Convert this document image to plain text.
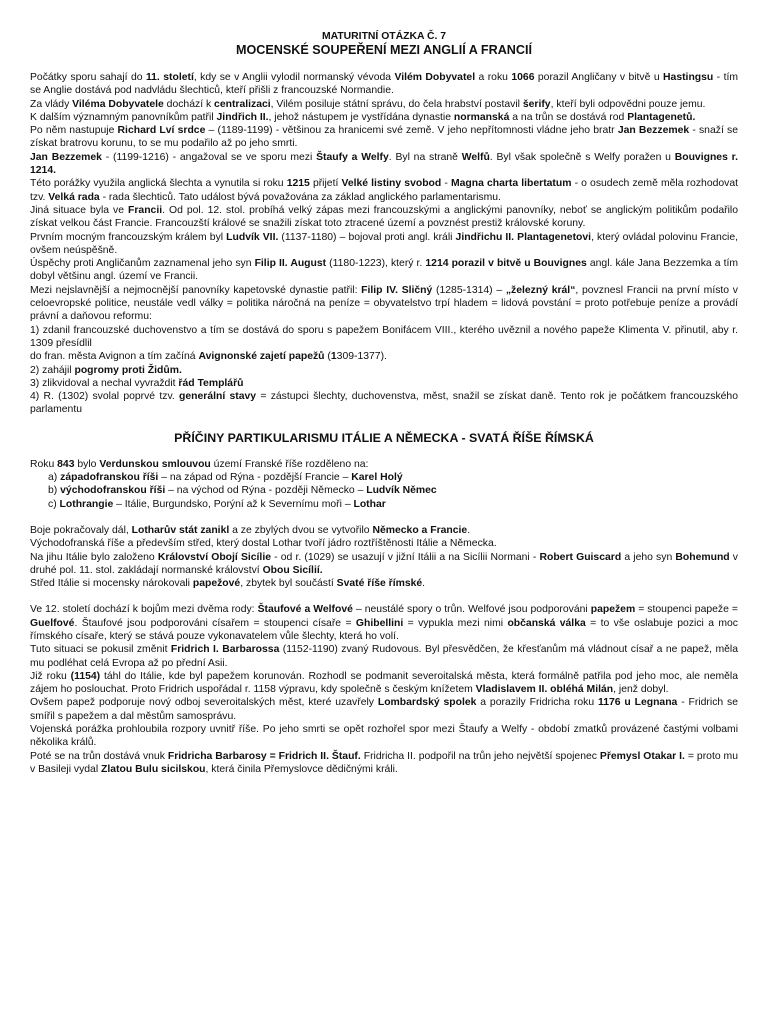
MATURITNÍ OTÁZKA Č. 7
MOCENSKÉ SOUPEŘENÍ MEZI ANGLIÍ A FRANCIÍ

Počátky sporu sahají do 11. století, kdy se v Anglii vylodil normanský vévoda Vilém Dobyvatel a roku 1066 porazil Angličany v bitvě u Hastingsu - tím se Anglie dostává pod nadvládu šlechticů, kteří přišli z francouzské Normandie.

Za vlády Viléma Dobyvatele dochází k centralizaci, Vilém posiluje státní správu, do čela hrabství postavil šerify, kteří byli odpovědni pouze jemu.

K dalším významným panovníkům patřil Jindřich II., jehož nástupem je vystřídána dynastie normanská a na trůn se dostává rod Plantagenetů.

Po něm nastupuje Richard Lví srdce – (1189-1199) - většinou za hranicemi své země. V jeho nepřítomnosti vládne jeho bratr Jan Bezzemek - snaží se získat bratrovu korunu, to se mu podařilo až po jeho smrti.

Jan Bezzemek - (1199-1216) - angažoval se ve sporu mezi Štaufy a Welfy. Byl na straně Welfů. Byl však společně s Welfy poražen u Bouvignes r. 1214.

Této porážky využila anglická šlechta a vynutila si roku 1215 přijetí Velké listiny svobod - Magna charta libertatum - o osudech země měla rozhodovat tzv. Velká rada - rada šlechticů. Tato událost bývá považována za základ anglického parlamentarismu.

Jiná situace byla ve Francii. Od pol. 12. stol. probíhá velký zápas mezi francouzskými a anglickými panovníky, neboť se anglickým politikům podařilo získat velkou část Francie. Francouzští králové se snažili získat toto ztracené území a povznést prestiž královské koruny.

Prvním mocným francouzským králem byl Ludvík VII. (1137-1180) – bojoval proti angl. králi Jindřichu II. Plantagenetovi, který ovládal polovinu Francie, ovšem neúspěšně.

Úspěchy proti Angličanům zaznamenal jeho syn Filip II. August (1180-1223), který r. 1214 porazil v bitvě u Bouvignes angl. kále Jana Bezzemka a tím dobyl většinu angl. území ve Francii.

Mezi nejslavnější a nejmocnější panovníky kapetovské dynastie patřil: Filip IV. Sličný (1285-1314) – „železný král“, povznesl Francii na první místo v celoevropské politice, neustále vedl války = politika náročná na peníze = obyvatelstvo trpí hladem = lidová povstání = proto potřebuje peníze a provádí právní a daňovou reformu:

1) zdanil francouzské duchovenstvo a tím se dostává do sporu s papežem Bonifácem VIII., kterého uvěznil a nového papeže Klimenta V. přinutil, aby r. 1309 přesídlil

do fran. města Avignon a tím začíná Avignonské zajetí papežů (1309-1377).

2) zahájil pogromy proti Židům.

3) zlikvidoval a nechal vyvraždit řád Templářů

4) R. (1302) svolal poprvé tzv. generální stavy = zástupci šlechty, duchovenstva, měst, snažil se získat daně. Tento rok je počátkem francouzského parlamentu

PŘÍČINY PARTIKULARISMU ITÁLIE A NĚMECKA - SVATÁ ŘÍŠE ŘÍMSKÁ

Roku 843 bylo Verdunskou smlouvou území Franské říše rozděleno na:

a) západofranskou říši – na západ od Rýna - pozdější Francie – Karel Holý
b) východofranskou říši – na východ od Rýna - později Německo – Ludvík Němec
c) Lothrangie – Itálie, Burgundsko, Porýní až k Severnímu moři – Lothar

Boje pokračovaly dál, Lotharův stát zanikl a ze zbylých dvou se vytvořilo Německo a Francie.

Východofranská říše a především střed, který dostal Lothar tvoří jádro roztříštěnosti Itálie a Německa.

Na jihu Itálie bylo založeno Království Obojí Sicílie - od r. (1029) se usazují v jižní Itálii a na Sicílii Normani - Robert Guiscard a jeho syn Bohemund v druhé pol. 11. stol. zakládají normanské království Obou Sicílií.

Střed Itálie si mocensky nárokovali papežové, zbytek byl součástí Svaté říše římské.

Ve 12. století dochází k bojům mezi dvěma rody: Štaufové a Welfové – neustálé spory o trůn. Welfové jsou podporováni papežem = stoupenci papeže = Guelfové. Štaufové jsou podporováni císařem = stoupenci císaře = Ghibellini = vypukla mezi nimi občanská válka = to vše oslabuje pozici a moc římského císaře, který se stává pouze vykonavatelem vůle šlechty, která ho volí.

Tuto situaci se pokusil změnit Fridrich I. Barbarossa (1152-1190) zvaný Rudovous. Byl přesvědčen, že křesťanům má vládnout císař a ne papež, měla mu podléhat celá Evropa až po přední Asii.

Již roku (1154) táhl do Itálie, kde byl papežem korunován. Rozhodl se podmanit severoitalská města, která formálně patřila pod jeho moc, ale neměla zájem ho poslouchat. Proto Fridrich uspořádal r. 1158 výpravu, kdy společně s českým knížetem Vladislavem II. obléhá Milán, jenž dobyl.

Ovšem papež podporuje nový odboj severoitalských měst, které uzavřely Lombardský spolek a porazily Fridricha roku 1176 u Legnana - Fridrich se smířil s papežem a dal městům samosprávu.

Vojenská porážka prohloubila rozpory uvnitř říše. Po jeho smrti se opět rozhořel spor mezi Štaufy a Welfy - období zmatků provázené častými volbami několika králů.

Poté se na trůn dostává vnuk Fridricha Barbarosy = Fridrich II. Štauf. Fridricha II. podpořil na trůn jeho největší spojenec Přemysl Otakar I. = proto mu v Basileji vydal Zlatou Bulu sicilskou, která činila Přemyslovce dědičnými králi.
